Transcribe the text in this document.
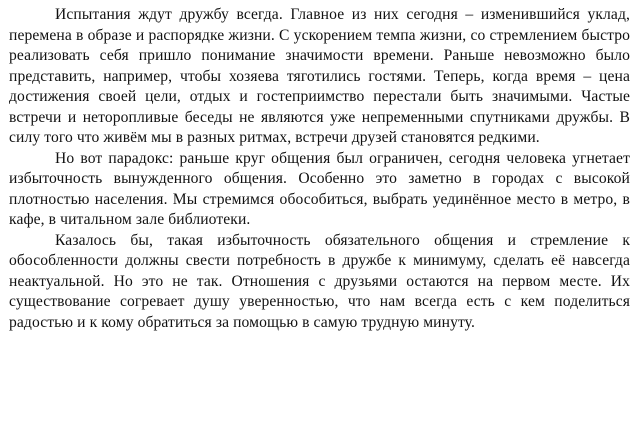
Испытания ждут дружбу всегда. Главное из них сегодня – изменившийся уклад, перемена в образе и распорядке жизни. С ускорением темпа жизни, со стремлением быстро реализовать себя пришло понимание значимости времени. Раньше невозможно было представить, например, чтобы хозяева тяготились гостями. Теперь, когда время – цена достижения своей цели, отдых и гостеприимство перестали быть значимыми. Частые встречи и неторопливые беседы не являются уже непременными спутниками дружбы. В силу того что живём мы в разных ритмах, встречи друзей становятся редкими.

Но вот парадокс: раньше круг общения был ограничен, сегодня человека угнетает избыточность вынужденного общения. Особенно это заметно в городах с высокой плотностью населения. Мы стремимся обособиться, выбрать уединённое место в метро, в кафе, в читальном зале библиотеки.

Казалось бы, такая избыточность обязательного общения и стремление к обособленности должны свести потребность в дружбе к минимуму, сделать её навсегда неактуальной. Но это не так. Отношения с друзьями остаются на первом месте. Их существование согревает душу уверенностью, что нам всегда есть с кем поделиться радостью и к кому обратиться за помощью в самую трудную минуту.
